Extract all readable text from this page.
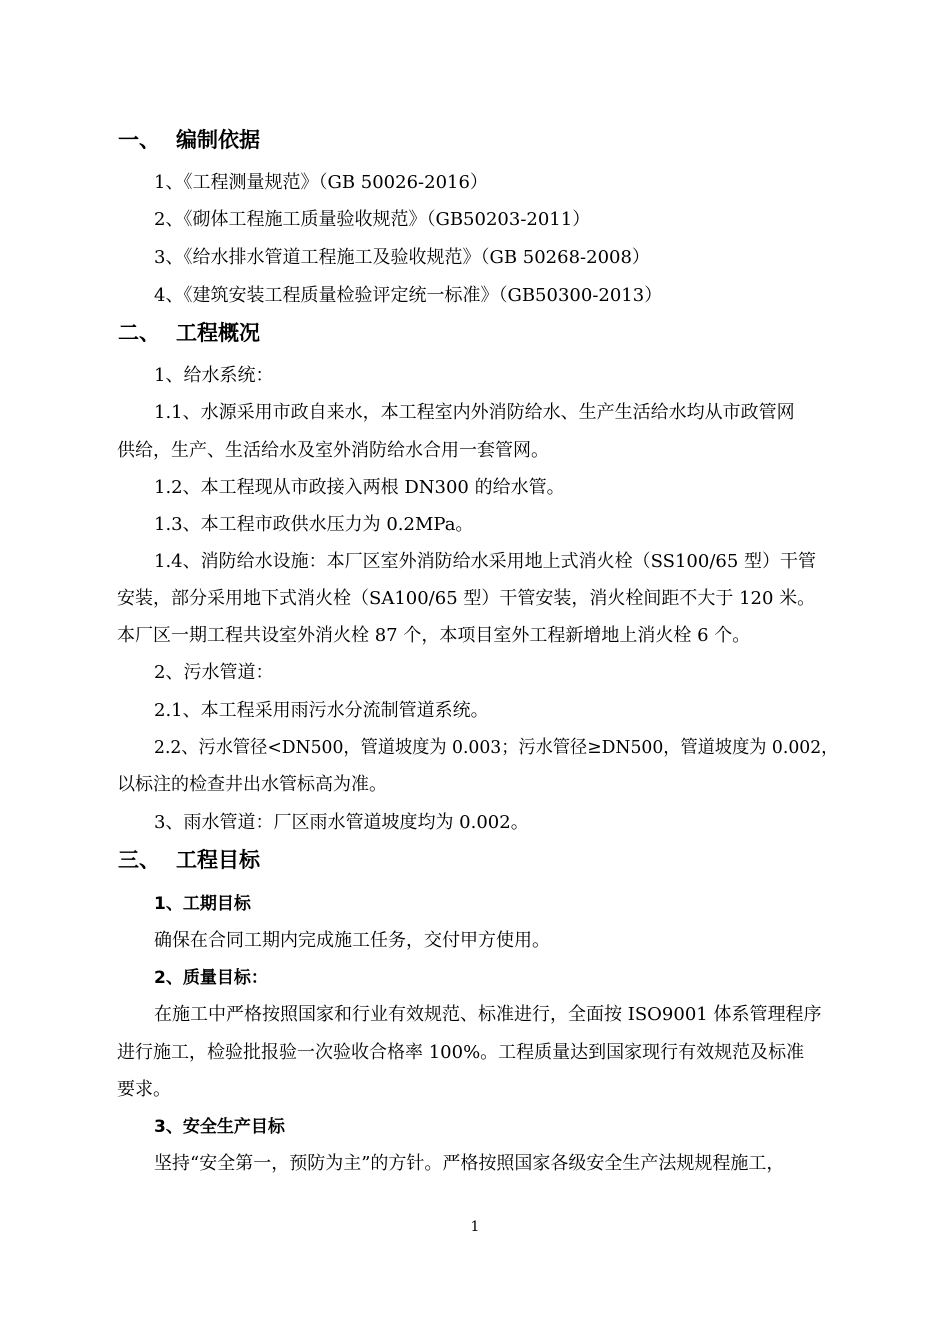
一、 编制依据
1、《工程测量规范》（GB 50026-2016）
2、《砌体工程施工质量验收规范》（GB50203-2011）
3、《给水排水管道工程施工及验收规范》（GB 50268-2008）
4、《建筑安装工程质量检验评定统一标准》（GB50300-2013）
二、 工程概况
1、给水系统：
1.1、水源采用市政自来水，本工程室内外消防给水、生产生活给水均从市政管网
供给，生产、生活给水及室外消防给水合用一套管网。
1.2、本工程现从市政接入两根 DN300 的给水管。
1.3、本工程市政供水压力为 0.2MPa。
1.4、消防给水设施：本厂区室外消防给水采用地上式消火栓（SS100/65 型）干管
安装，部分采用地下式消火栓（SA100/65 型）干管安装，消火栓间距不大于 120 米。
本厂区一期工程共设室外消火栓 87 个，本项目室外工程新增地上消火栓 6 个。
2、污水管道：
2.1、本工程采用雨污水分流制管道系统。
2.2、污水管径<DN500，管道坡度为 0.003；污水管径≥DN500，管道坡度为 0.002，
以标注的检查井出水管标高为准。
3、雨水管道：厂区雨水管道坡度均为 0.002。
三、 工程目标
1、工期目标
确保在合同工期内完成施工任务，交付甲方使用。
2、质量目标：
在施工中严格按照国家和行业有效规范、标准进行，全面按 ISO9001 体系管理程序
进行施工，检验批报验一次验收合格率 100%。工程质量达到国家现行有效规范及标准
要求。
3、安全生产目标
坚持“安全第一，预防为主”的方针。严格按照国家各级安全生产法规规程施工，
1
